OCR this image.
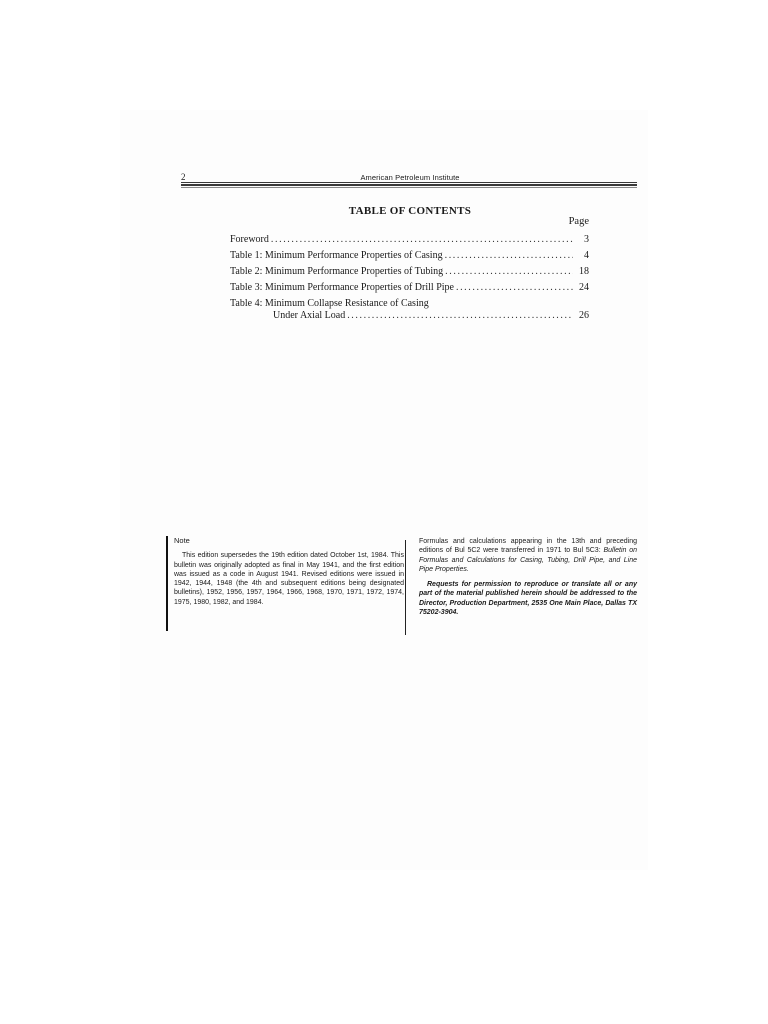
2	American Petroleum Institute
TABLE OF CONTENTS
Page
Foreword .....	3
Table 1: Minimum Performance Properties of Casing .....	4
Table 2: Minimum Performance Properties of Tubing .....	18
Table 3: Minimum Performance Properties of Drill Pipe .....	24
Table 4: Minimum Collapse Resistance of Casing
Under Axial Load .....	26
Note
This edition supersedes the 19th edition dated October 1st, 1984. This bulletin was originally adopted as final in May 1941, and the first edition was issued as a code in August 1941. Revised editions were issued in 1942, 1944, 1948 (the 4th and subsequent editions being designated bulletins), 1952, 1956, 1957, 1964, 1966, 1968, 1970, 1971, 1972, 1974, 1975, 1980, 1982, and 1984.
Formulas and calculations appearing in the 13th and preceding editions of Bul 5C2 were transferred in 1971 to Bul 5C3: Bulletin on Formulas and Calculations for Casing, Tubing, Drill Pipe, and Line Pipe Properties.
Requests for permission to reproduce or translate all or any part of the material published herein should be addressed to the Director, Production Department, 2535 One Main Place, Dallas TX 75202-3904.
